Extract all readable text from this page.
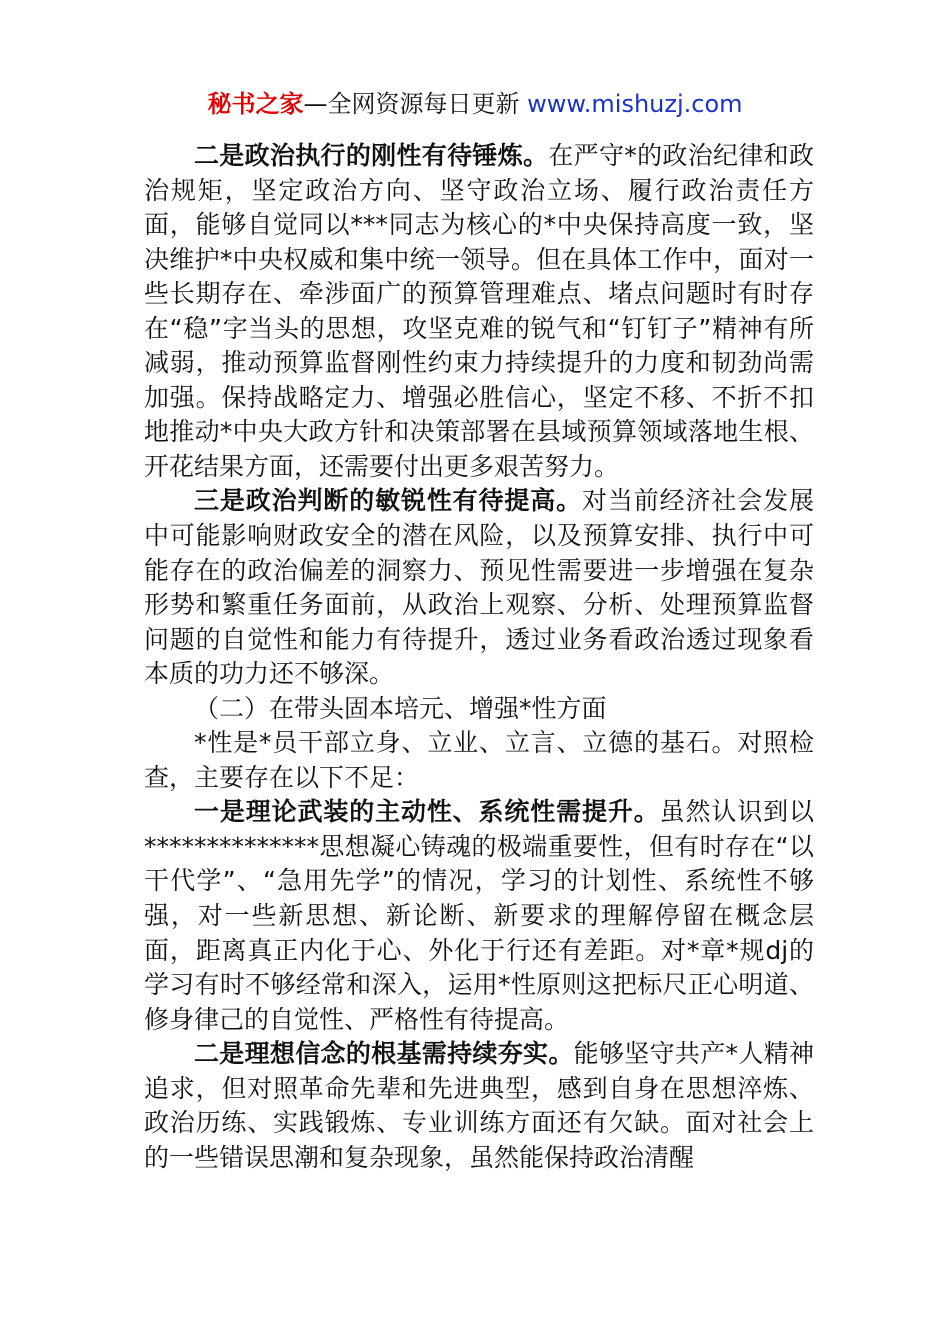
秘书之家—全网资源每日更新 www.mishuzj.com

二是政治执行的刚性有待锤炼。在严守*的政治纪律和政治规矩，坚定政治方向、坚守政治立场、履行政治责任方面，能够自觉同以***同志为核心的*中央保持高度一致，坚决维护*中央权威和集中统一领导。但在具体工作中，面对一些长期存在、牵涉面广的预算管理难点、堵点问题时有时存在“稳”字当头的思想，攻坚克难的锐气和“钉钉子”精神有所减弱，推动预算监督刚性约束力持续提升的力度和韧劲尚需加强。保持战略定力、增强必胜信心，坚定不移、不折不扣地推动*中央大政方针和决策部署在县域预算领域落地生根、开花结果方面，还需要付出更多艰苦努力。

三是政治判断的敏锐性有待提高。对当前经济社会发展中可能影响财政安全的潜在风险，以及预算安排、执行中可能存在的政治偏差的洞察力、预见性需要进一步增强在复杂形势和繁重任务面前，从政治上观察、分析、处理预算监督问题的自觉性和能力有待提升，透过业务看政治透过现象看本质的功力还不够深。

（二）在带头固本培元、增强*性方面

*性是*员干部立身、立业、立言、立德的基石。对照检查，主要存在以下不足：

一是理论武装的主动性、系统性需提升。虽然认识到以**************思想凝心铸魂的极端重要性，但有时存在“以干代学”、“急用先学”的情况，学习的计划性、系统性不够强，对一些新思想、新论断、新要求的理解停留在概念层面，距离真正内化于心、外化于行还有差距。对*章*规dj的学习有时不够经常和深入，运用*性原则这把标尺正心明道、修身律己的自觉性、严格性有待提高。

二是理想信念的根基需持续夯实。能够坚守共产*人精神追求，但对照革命先辈和先进典型，感到自身在思想淬炼、政治历练、实践锻炼、专业训练方面还有欠缺。面对社会上的一些错误思潮和复杂现象，虽然能保持政治清醒
